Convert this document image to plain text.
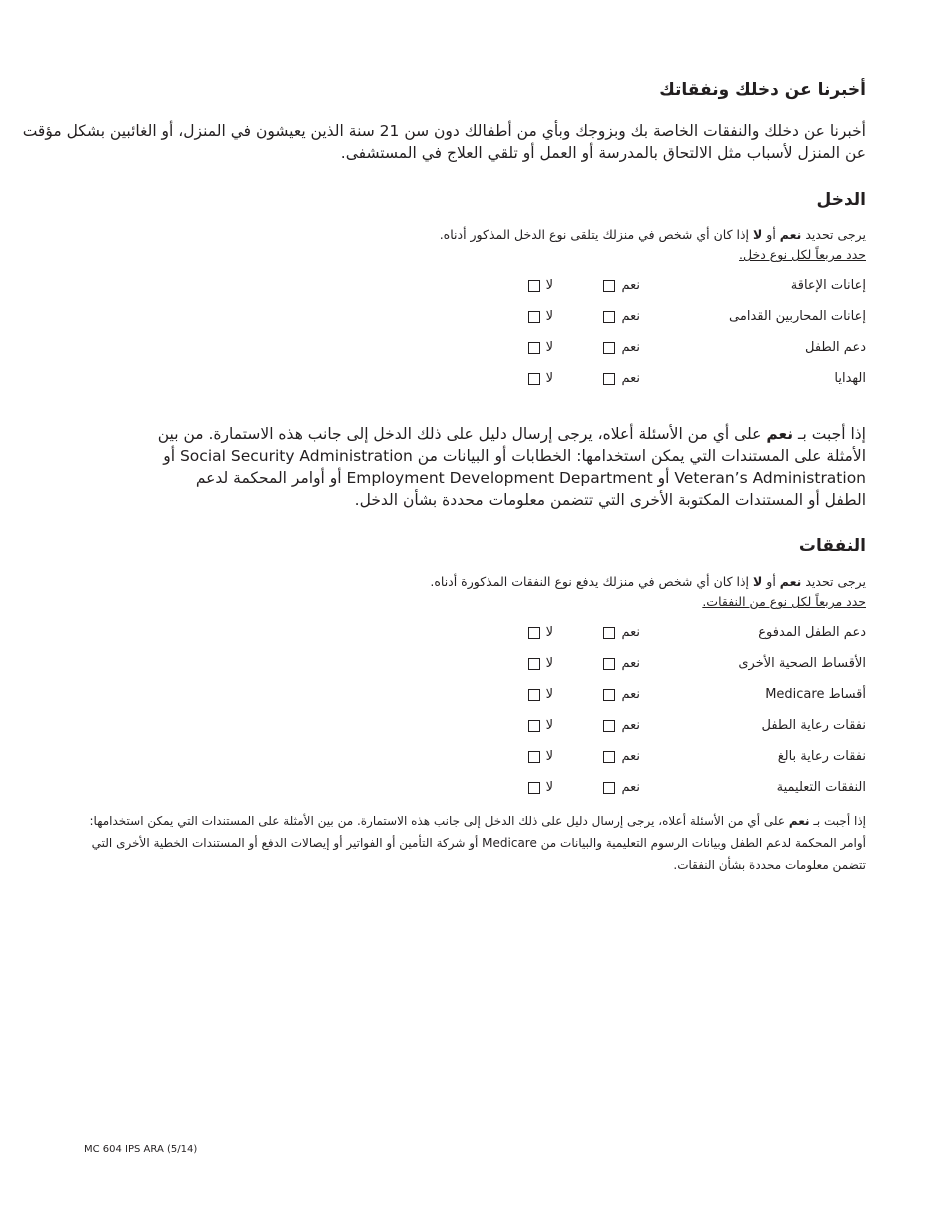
أخبرنا عن دخلك ونفقاتك

أخبرنا عن دخلك والنفقات الخاصة بك وبزوجك وبأي من أطفالك دون سن 21 سنة الذين يعيشون في المنزل، أو الغائبين بشكل مؤقت
عن المنزل لأسباب مثل الالتحاق بالمدرسة أو العمل أو تلقي العلاج في المستشفى.

الدخل

يرجى تحديد نعم أو لا إذا كان أي شخص في منزلك يتلقى نوع الدخل المذكور أدناه.
حدد مربعاً لكل نوع دخل.

إعانات الإعاقة
نعم
لا
إعانات المحاربين القدامى
نعم
لا
دعم الطفل
نعم
لا
الهدايا
نعم
لا

إذا أجبت بـ نعم على أي من الأسئلة أعلاه، يرجى إرسال دليل على ذلك الدخل إلى جانب هذه الاستمارة. من بين
الأمثلة على المستندات التي يمكن استخدامها: الخطابات أو البيانات من Social Security Administration أو
Veteran’s Administration أو Employment Development Department أو أوامر المحكمة لدعم
الطفل أو المستندات المكتوبة الأخرى التي تتضمن معلومات محددة بشأن الدخل.

النفقات

يرجى تحديد نعم أو لا إذا كان أي شخص في منزلك يدفع نوع النفقات المذكورة أدناه.
حدد مربعاً لكل نوع من النفقات.

دعم الطفل المدفوع
نعم
لا
الأقساط الصحية الأخرى
نعم
لا
أقساط Medicare
نعم
لا
نفقات رعاية الطفل
نعم
لا
نفقات رعاية بالغ
نعم
لا
النفقات التعليمية
نعم
لا

إذا أجبت بـ نعم على أي من الأسئلة أعلاه، يرجى إرسال دليل على ذلك الدخل إلى جانب هذه الاستمارة. من بين الأمثلة على المستندات التي يمكن استخدامها:
أوامر المحكمة لدعم الطفل وبيانات الرسوم التعليمية والبيانات من Medicare أو شركة التأمين أو الفواتير أو إيصالات الدفع أو المستندات الخطية الأخرى التي
تتضمن معلومات محددة بشأن النفقات.

MC 604 IPS ARA (5/14)
